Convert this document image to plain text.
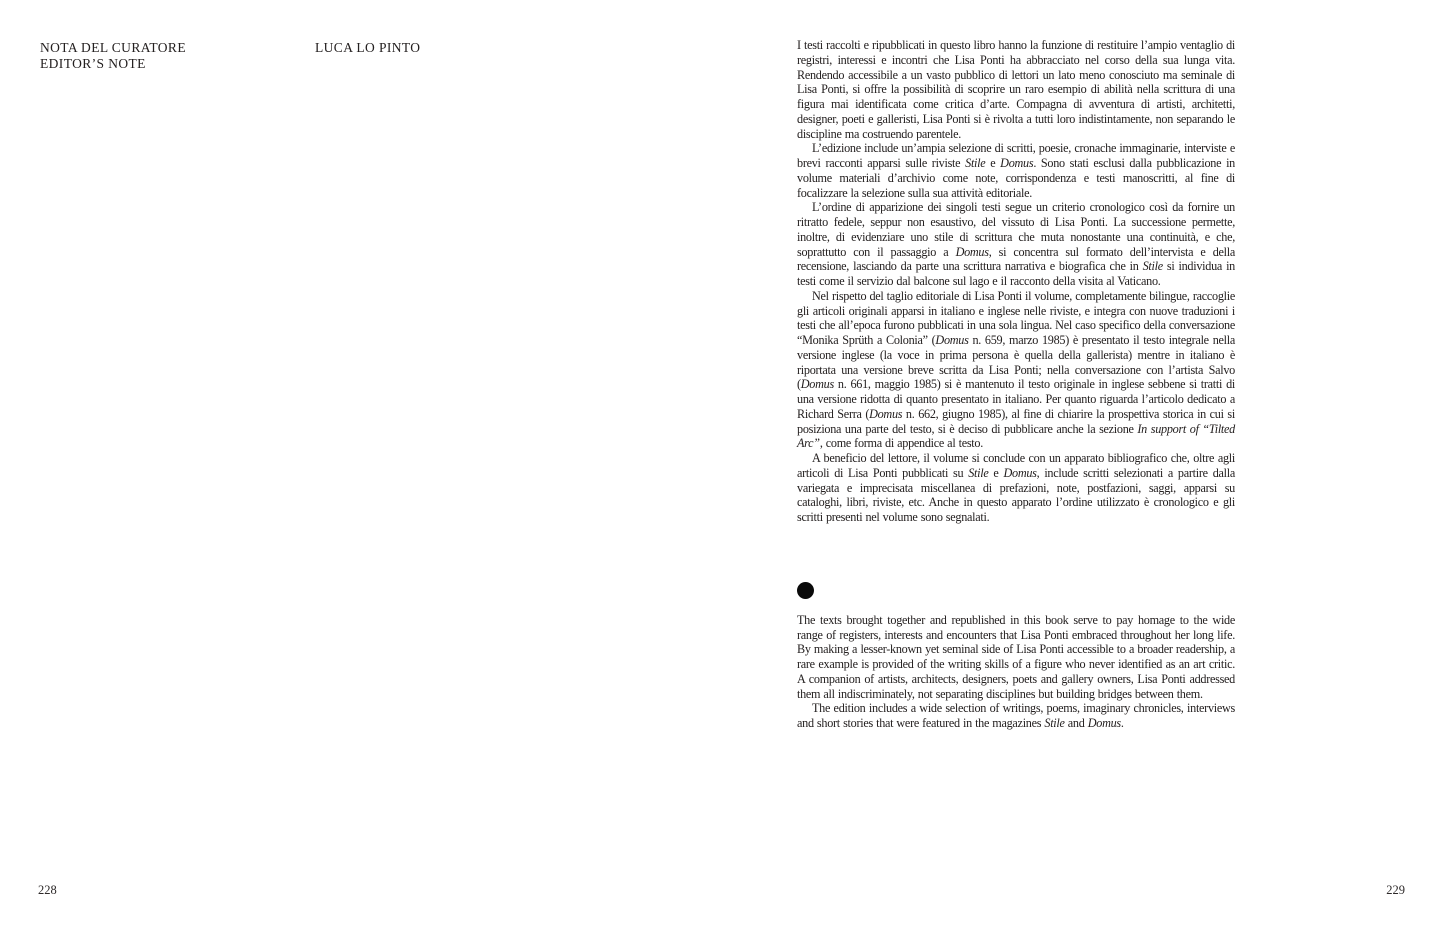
NOTA DEL CURATORE
EDITOR’S NOTE
LUCA LO PINTO
228

I testi raccolti e ripubblicati in questo libro hanno la funzione di restituire l’ampio ventaglio di registri, interessi e incontri che Lisa Ponti ha abbracciato nel corso della sua lunga vita. Rendendo accessibile a un vasto pubblico di lettori un lato meno conosciuto ma seminale di Lisa Ponti, si offre la possibilità di scoprire un raro esempio di abilità nella scrittura di una figura mai identificata come critica d’arte. Compagna di avventura di artisti, architetti, designer, poeti e galleristi, Lisa Ponti si è rivolta a tutti loro indistintamente, non separando le discipline ma costruendo parentele.

L’edizione include un’ampia selezione di scritti, poesie, cronache immaginarie, interviste e brevi racconti apparsi sulle riviste Stile e Domus. Sono stati esclusi dalla pubblicazione in volume materiali d’archivio come note, corrispondenza e testi manoscritti, al fine di focalizzare la selezione sulla sua attività editoriale.

L’ordine di apparizione dei singoli testi segue un criterio cronologico così da fornire un ritratto fedele, seppur non esaustivo, del vissuto di Lisa Ponti. La successione permette, inoltre, di evidenziare uno stile di scrittura che muta nonostante una continuità, e che, soprattutto con il passaggio a Domus, si concentra sul formato dell’intervista e della recensione, lasciando da parte una scrittura narrativa e biografica che in Stile si individua in testi come il servizio dal balcone sul lago e il racconto della visita al Vaticano.

Nel rispetto del taglio editoriale di Lisa Ponti il volume, completamente bilingue, raccoglie gli articoli originali apparsi in italiano e inglese nelle riviste, e integra con nuove traduzioni i testi che all’epoca furono pubblicati in una sola lingua. Nel caso specifico della conversazione “Monika Sprüth a Colonia” (Domus n. 659, marzo 1985) è presentato il testo integrale nella versione inglese (la voce in prima persona è quella della gallerista) mentre in italiano è riportata una versione breve scritta da Lisa Ponti; nella conversazione con l’artista Salvo (Domus n. 661, maggio 1985) si è mantenuto il testo originale in inglese sebbene si tratti di una versione ridotta di quanto presentato in italiano. Per quanto riguarda l’articolo dedicato a Richard Serra (Domus n. 662, giugno 1985), al fine di chiarire la prospettiva storica in cui si posiziona una parte del testo, si è deciso di pubblicare anche la sezione In support of “Tilted Arc”, come forma di appendice al testo.

A beneficio del lettore, il volume si conclude con un apparato bibliografico che, oltre agli articoli di Lisa Ponti pubblicati su Stile e Domus, include scritti selezionati a partire dalla variegata e imprecisata miscellanea di prefazioni, note, postfazioni, saggi, apparsi su cataloghi, libri, riviste, etc. Anche in questo apparato l’ordine utilizzato è cronologico e gli scritti presenti nel volume sono segnalati.

The texts brought together and republished in this book serve to pay homage to the wide range of registers, interests and encounters that Lisa Ponti embraced throughout her long life. By making a lesser-known yet seminal side of Lisa Ponti accessible to a broader readership, a rare example is provided of the writing skills of a figure who never identified as an art critic. A companion of artists, architects, designers, poets and gallery owners, Lisa Ponti addressed them all indiscriminately, not separating disciplines but building bridges between them.

The edition includes a wide selection of writings, poems, imaginary chronicles, interviews and short stories that were featured in the magazines Stile and Domus.

229
